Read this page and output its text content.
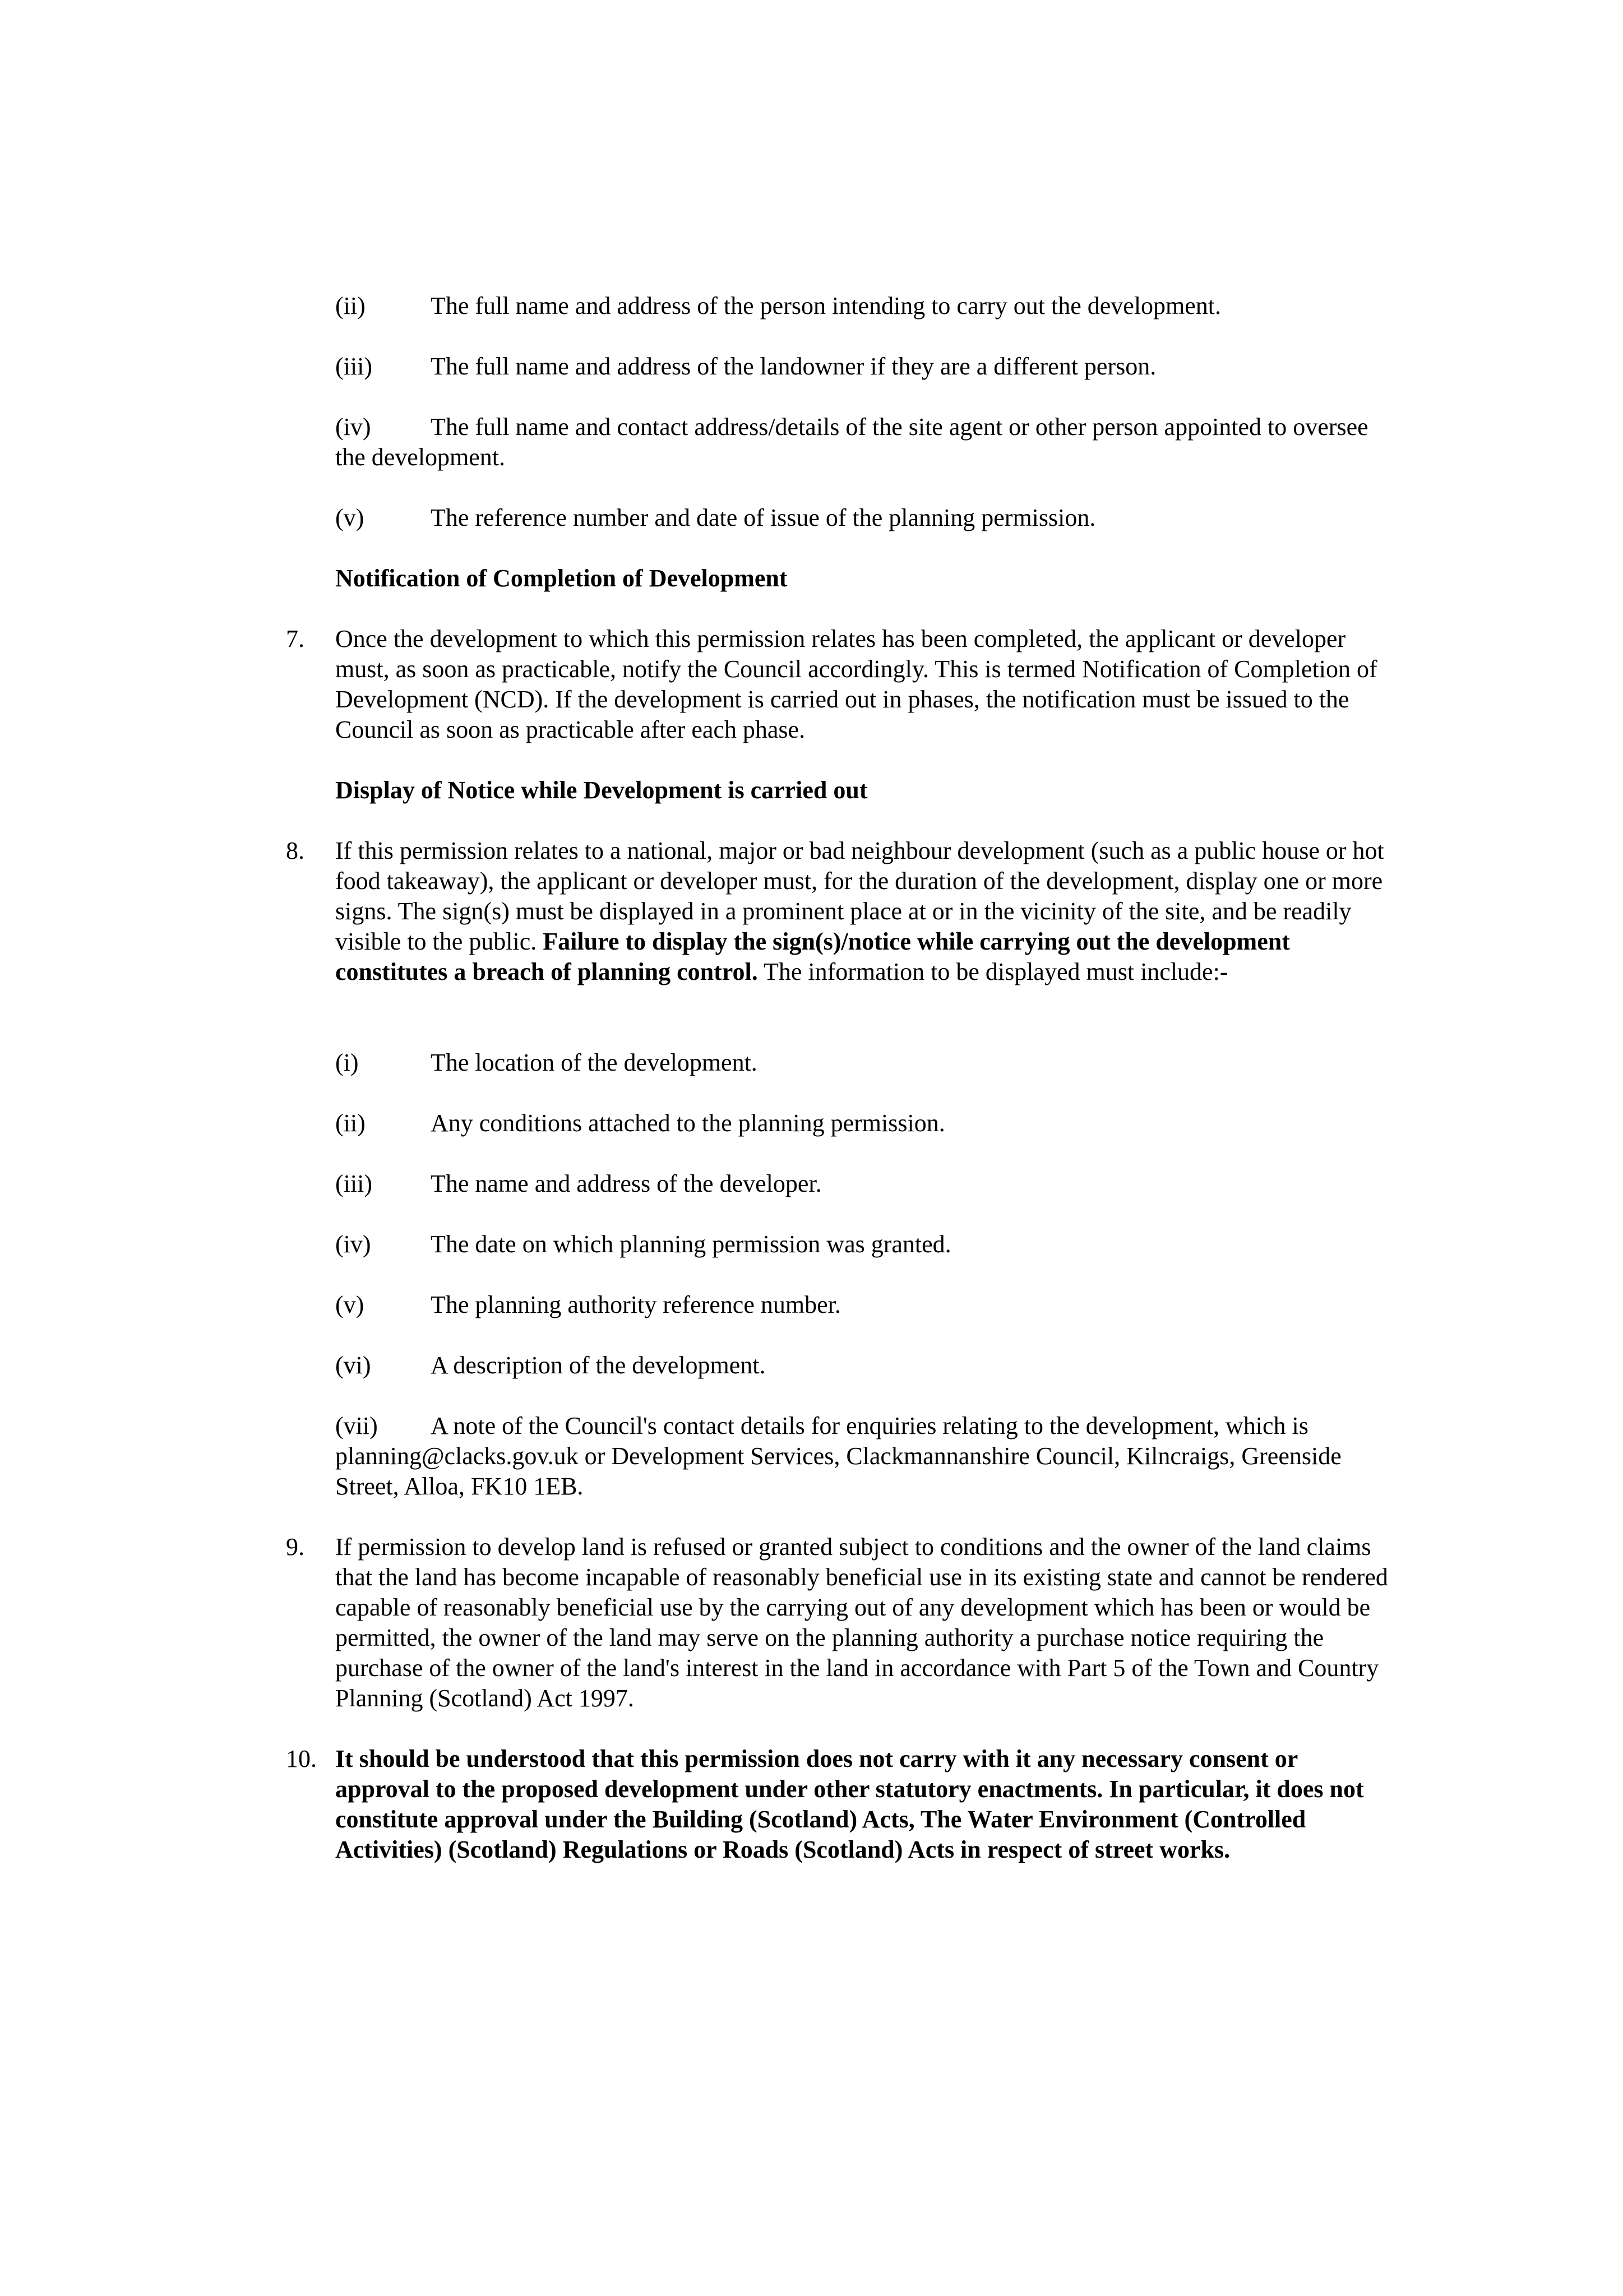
(ii)	The full name and address of the person intending to carry out the development.
(iii) The full name and address of the landowner if they are a different person.
(iv) The full name and contact address/details of the site agent or other person appointed to oversee the development.
(v)	The reference number and date of issue of the planning permission.
Notification of Completion of Development
7.	Once the development to which this permission relates has been completed, the applicant or developer must, as soon as practicable, notify the Council accordingly. This is termed Notification of Completion of Development (NCD). If the development is carried out in phases, the notification must be issued to the Council as soon as practicable after each phase.
Display of Notice while Development is carried out
8.	If this permission relates to a national, major or bad neighbour development (such as a public house or hot food takeaway), the applicant or developer must, for the duration of the development, display one or more signs. The sign(s) must be displayed in a prominent place at or in the vicinity of the site, and be readily visible to the public. Failure to display the sign(s)/notice while carrying out the development constitutes a breach of planning control. The information to be displayed must include:-
(i)	The location of the development.
(ii)	Any conditions attached to the planning permission.
(iii) The name and address of the developer.
(iv) The date on which planning permission was granted.
(v)	The planning authority reference number.
(vi) A description of the development.
(vii) A note of the Council's contact details for enquiries relating to the development, which is planning@clacks.gov.uk or Development Services, Clackmannanshire Council, Kilncraigs, Greenside Street, Alloa, FK10 1EB.
9.	If permission to develop land is refused or granted subject to conditions and the owner of the land claims that the land has become incapable of reasonably beneficial use in its existing state and cannot be rendered capable of reasonably beneficial use by the carrying out of any development which has been or would be permitted, the owner of the land may serve on the planning authority a purchase notice requiring the purchase of the owner of the land's interest in the land in accordance with Part 5 of the Town and Country Planning (Scotland) Act 1997.
10. It should be understood that this permission does not carry with it any necessary consent or approval to the proposed development under other statutory enactments. In particular, it does not constitute approval under the Building (Scotland) Acts, The Water Environment (Controlled Activities) (Scotland) Regulations or Roads (Scotland) Acts in respect of street works.
